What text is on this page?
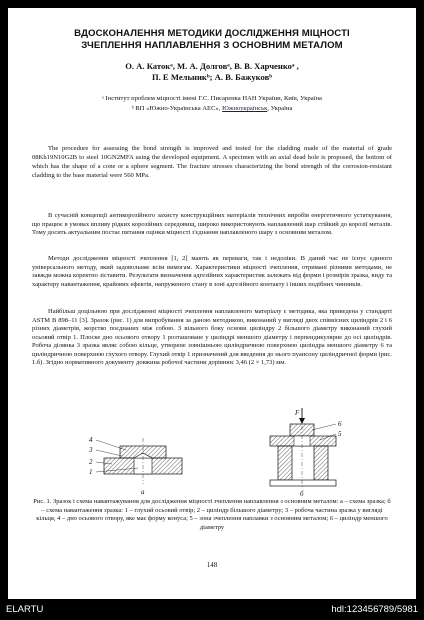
ВДОСКОНАЛЕННЯ МЕТОДИКИ ДОСЛІДЖЕННЯ МІЦНОСТІ
ЗЧЕПЛЕННЯ НАПЛАВЛЕННЯ З ОСНОВНИМ МЕТАЛОМ
О. А. Катокᵃ, М. А. Долговᵃ, В. В. Харченкоᵃ ,
П. Е Мельникᵇ; А. В. Бажуковᵇ
ᵃ Інститут проблем міцності імені Г.С. Писаренка НАН України, Київ, Україна
ᵇ ВП «Южно-Українська АЕС», Южноукраїнськ, Україна

The procedure for assessing the bond strength is improved and tested for the cladding made of the material of grade 08Kh19N10G2B to steel 10GN2MFA using the developed equipment. A specimen with an axial dead hole is proposed, the bottom of which has the shape of a cone or a sphere segment. The fracture stresses characterizing the bond strength of the corrosion-resistant cladding to the base material were 560 MPa.

В сучасній концепції антикорозійного захисту конструкційних матеріалів технічних виробів енергетичного устаткування, що працює в умовах впливу рідких корозійних середовищ, широко використовують наплавлений шар стійкий до корозії металів. Тому досить актуальним постає питання оцінки міцності з'єднання наплавленого шару з основним металом.

Методи дослідження міцності зчеплення [1, 2] мають як переваги, так і недоліки. В даний час не існує єдиного універсального методу, який задовольняє всім вимогам. Характеристики міцності зчеплення, отримані різними методами, не завжди можна коректно зіставити. Результати визначення адгезійних характеристик залежать від форми і розмірів зразка, виду та характеру навантаження, крайових ефектів, напруженого стану в зоні адгезійного контакту і інших подібних чинників.

Найбільш доцільною при дослідженні міцності зчеплення наплавленого матеріалу є методика, яка приведена у стандарті ASTM B 898–11 [3]. Зразок (рис. 1) для випробування за даною методикою, виконаний у вигляді двох співвісних циліндрів 2 і 6 різних діаметрів, жорстко поєднаних між собою. З вільного боку основи циліндру 2 більшого діаметру виконаний глухий осьовий отвір 1. Плоске дно осьового отвору 1 розташоване у циліндрі меншого діаметру і перпендикулярне до осі циліндрів. Робоча ділянка 3 зразка являє собою кільце, утворене зовнішньою циліндричною поверхнею циліндра меншого діаметру 6 та циліндричною поверхнею глухого отвору. Глухий отвір 1 призначений для введення до нього пуансону циліндричної форми (рис. 1.б). Згідно нормативного документу довжина робочої частини дорівнює 3,46 (2 × 1,73) мм.

4
3
2
1
а
F
5
6
б

Рис. 1. Зразок і схема навантажування для дослідження міцності зчеплення наплавлення з основним металом: а – схема зразка; б – схема навантаження зразка: 1 – глухий осьовий отвір; 2 – циліндр більшого діаметру; 3 – робоча частина зразка у вигляді кільця, 4 – дно осьового отвору, яке має форму конуса; 5 – зона зчеплення наплавки з основним металом; 6 – циліндр меншого діаметру

148
ELARTU	hdl:123456789/5981
